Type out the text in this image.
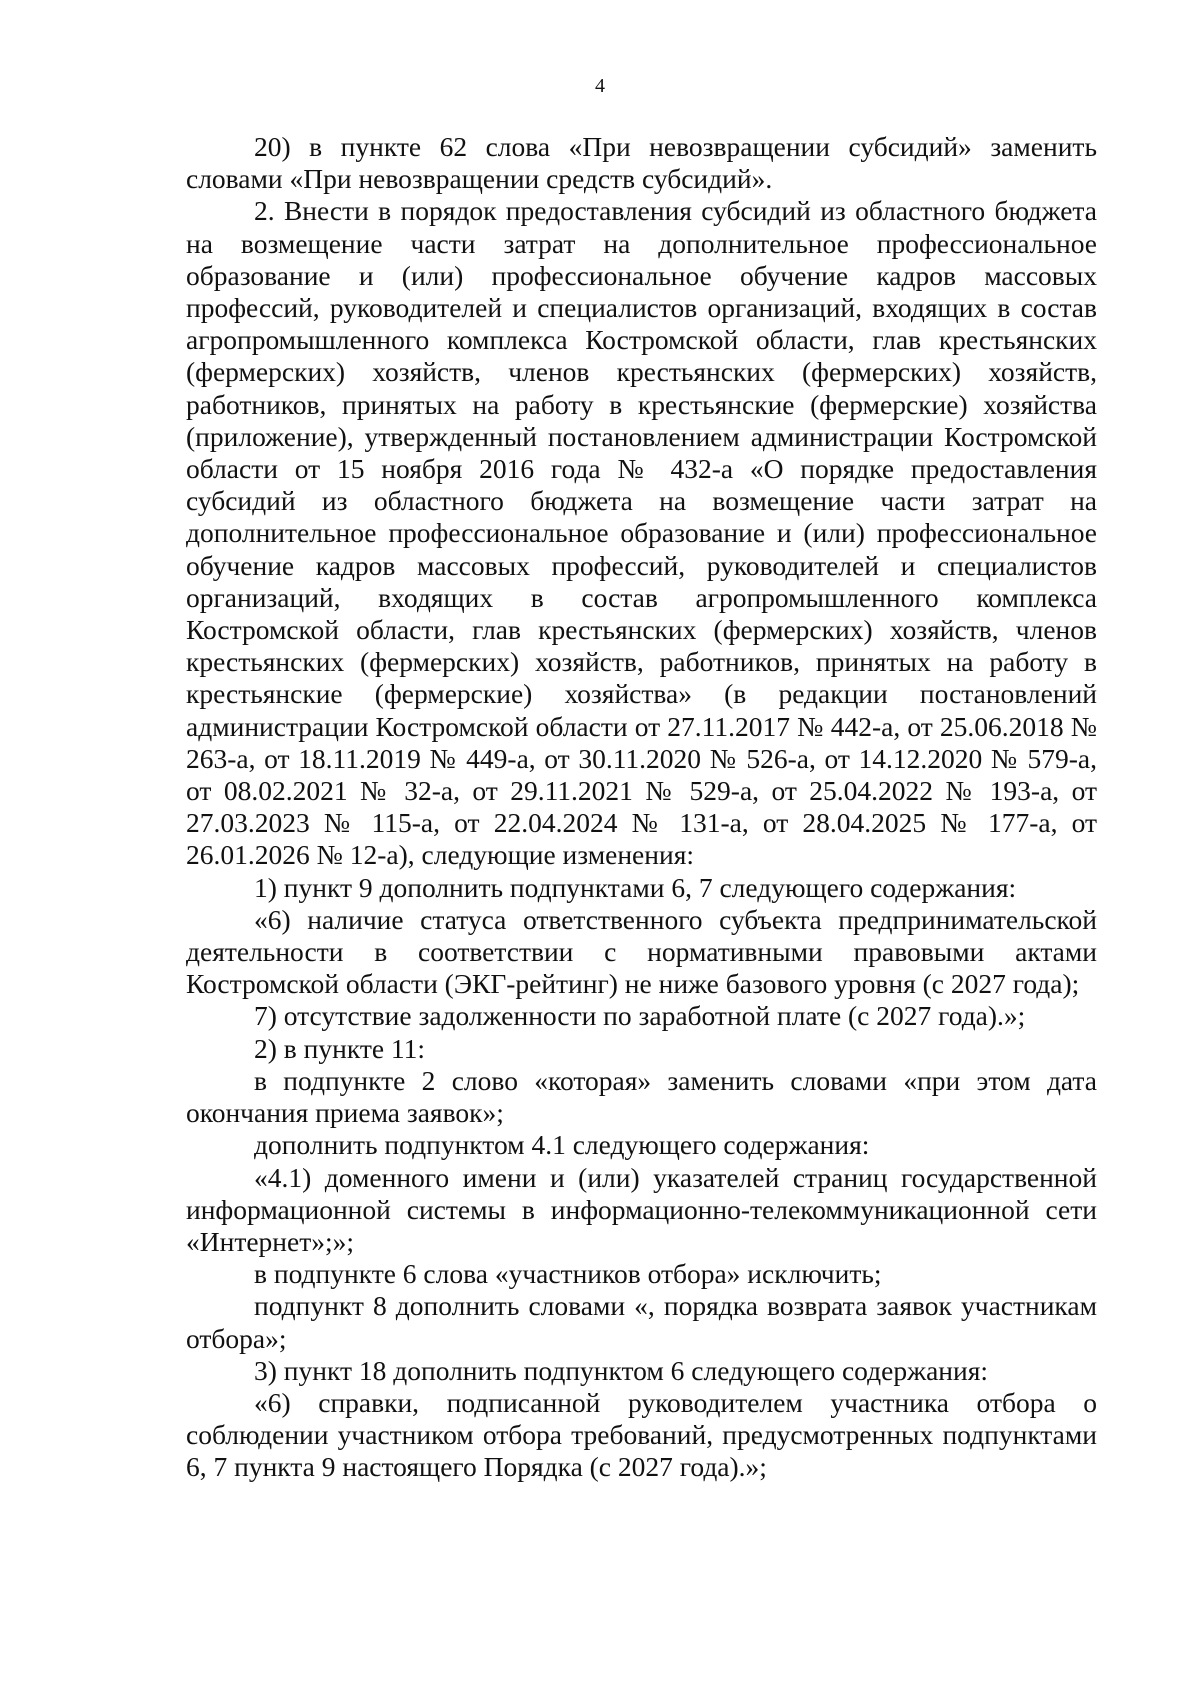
4

20) в пункте 62 слова «При невозвращении субсидий» заменить словами «При невозвращении средств субсидий».

2. Внести в порядок предоставления субсидий из областного бюджета на возмещение части затрат на дополнительное профессиональное образование и (или) профессиональное обучение кадров массовых профессий, руководителей и специалистов организаций, входящих в состав агропромышленного комплекса Костромской области, глав крестьянских (фермерских) хозяйств, членов крестьянских (фермерских) хозяйств, работников, принятых на работу в крестьянские (фермерские) хозяйства (приложение), утвержденный постановлением администрации Костромской области от 15 ноября 2016 года № 432-а «О порядке предоставления субсидий из областного бюджета на возмещение части затрат на дополнительное профессиональное образование и (или) профессиональное обучение кадров массовых профессий, руководителей и специалистов организаций, входящих в состав агропромышленного комплекса Костромской области, глав крестьянских (фермерских) хозяйств, членов крестьянских (фермерских) хозяйств, работников, принятых на работу в крестьянские (фермерские) хозяйства» (в редакции постановлений администрации Костромской области от 27.11.2017 № 442-а, от 25.06.2018 № 263-а, от 18.11.2019 № 449-а, от 30.11.2020 № 526-а, от 14.12.2020 № 579-а, от 08.02.2021 № 32-а, от 29.11.2021 № 529-а, от 25.04.2022 № 193-а, от 27.03.2023 № 115-а, от 22.04.2024 № 131-а, от 28.04.2025 № 177-а, от 26.01.2026 № 12-а), следующие изменения:

1) пункт 9 дополнить подпунктами 6, 7 следующего содержания:

«6) наличие статуса ответственного субъекта предпринимательской деятельности в соответствии с нормативными правовыми актами Костромской области (ЭКГ-рейтинг) не ниже базового уровня (с 2027 года);

7) отсутствие задолженности по заработной плате (с 2027 года).»;

2) в пункте 11:

в подпункте 2 слово «которая» заменить словами «при этом дата окончания приема заявок»;

дополнить подпунктом 4.1 следующего содержания:

«4.1) доменного имени и (или) указателей страниц государственной информационной системы в информационно-телекоммуникационной сети «Интернет»;»;

в подпункте 6 слова «участников отбора» исключить;

подпункт 8 дополнить словами «, порядка возврата заявок участникам отбора»;

3) пункт 18 дополнить подпунктом 6 следующего содержания:

«6) справки, подписанной руководителем участника отбора о соблюдении участником отбора требований, предусмотренных подпунктами 6, 7 пункта 9 настоящего Порядка (с 2027 года).»;
